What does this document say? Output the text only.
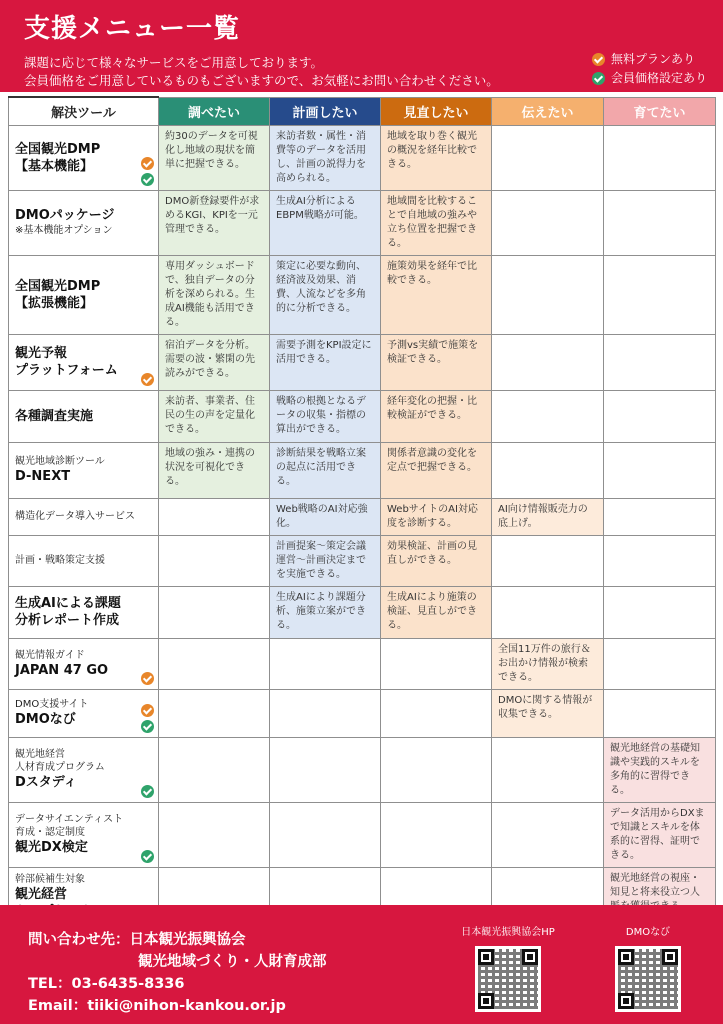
支援メニュー一覧
課題に応じて様々なサービスをご用意しております。
会員価格をご用意しているものもございますので、お気軽にお問い合わせください。
無料プランあり
会員価格設定あり
解決ツール	調べたい	計画したい	見直したい	伝えたい	育てたい

全国観光DMP
【基本機能】	約30のデータを可視化し地域の現状を簡単に把握できる。	来訪者数・属性・消費等のデータを活用し、計画の説得力を高められる。	地域を取り巻く観光の概況を経年比較できる。		

DMOパッケージ
※基本機能オプション	DMO新登録要件が求めるKGI、KPIを一元管理できる。	生成AI分析によるEBPM戦略が可能。	地域間を比較することで自地域の強みや立ち位置を把握できる。		

全国観光DMP
【拡張機能】	専用ダッシュボードで、独自データの分析を深められる。生成AI機能も活用できる。	策定に必要な動向、経済波及効果、消費、人流などを多角的に分析できる。	施策効果を経年で比較できる。		

観光予報
プラットフォーム	宿泊データを分析。需要の波・繁閑の先読みができる。	需要予測をKPI設定に活用できる。	予測vs実績で施策を検証できる。		

各種調査実施	来訪者、事業者、住民の生の声を定量化できる。	戦略の根拠となるデータの収集・指標の算出ができる。	経年変化の把握・比較検証ができる。		

観光地域診断ツール
D-NEXT	地域の強み・連携の状況を可視化できる。	診断結果を戦略立案の起点に活用できる。	関係者意識の変化を定点で把握できる。		

構造化データ導入サービス		Web戦略のAI対応強化。	WebサイトのAI対応度を診断する。	AI向け情報販売力の底上げ。	

計画・戦略策定支援		計画提案～策定会議運営～計画決定までを実施できる。	効果検証、計画の見直しができる。		

生成AIによる課題
分析レポート作成		生成AIにより課題分析、施策立案ができる。	生成AIにより施策の検証、見直しができる。		

観光情報ガイド
JAPAN 47 GO				全国11万件の旅行＆お出かけ情報が検索できる。	

DMO支援サイト
DMOなび				DMOに関する情報が収集できる。	

観光地経営
人材育成プログラム
Dスタディ					観光地経営の基礎知識や実践的スキルを多角的に習得できる。

データサイエンティスト
育成・認定制度
観光DX検定					データ活用からDXまで知識とスキルを体系的に習得、証明できる。

幹部候補生対象
観光経営					観光地経営の視座・知見と将来役立つ人
問い合わせ先：日本観光振興協会
観光地域づくり・人財育成部
TEL：03-6435-8336
Email：tiiki@nihon-kankou.or.jp
日本観光振興協会HP	DMOなび
